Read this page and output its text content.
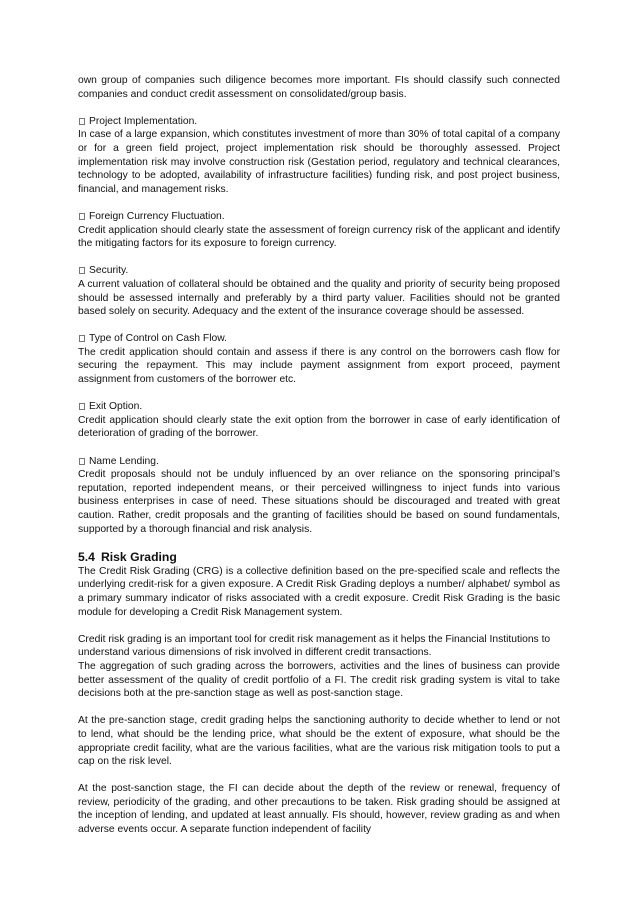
own group of companies such diligence becomes more important. FIs should classify such connected companies and conduct credit assessment on consolidated/group basis.

Project Implementation.

In case of a large expansion, which constitutes investment of more than 30% of total capital of a company or for a green field project, project implementation risk should be thoroughly assessed. Project implementation risk may involve construction risk (Gestation period, regulatory and technical clearances, technology to be adopted, availability of infrastructure facilities) funding risk, and post project business, financial, and management risks.

Foreign Currency Fluctuation.

Credit application should clearly state the assessment of foreign currency risk of the applicant and identify the mitigating factors for its exposure to foreign currency.

Security.

A current valuation of collateral should be obtained and the quality and priority of security being proposed should be assessed internally and preferably by a third party valuer. Facilities should not be granted based solely on security. Adequacy and the extent of the insurance coverage should be assessed.

Type of Control on Cash Flow.

The credit application should contain and assess if there is any control on the borrowers cash flow for securing the repayment. This may include payment assignment from export proceed, payment assignment from customers of the borrower etc.

Exit Option.

Credit application should clearly state the exit option from the borrower in case of early identification of deterioration of grading of the borrower.

Name Lending.

Credit proposals should not be unduly influenced by an over reliance on the sponsoring principal’s reputation, reported independent means, or their perceived willingness to inject funds into various business enterprises in case of need. These situations should be discouraged and treated with great caution. Rather, credit proposals and the granting of facilities should be based on sound fundamentals, supported by a thorough financial and risk analysis.

5.4 Risk Grading

The Credit Risk Grading (CRG) is a collective definition based on the pre-specified scale and reflects the underlying credit-risk for a given exposure. A Credit Risk Grading deploys a number/ alphabet/ symbol as a primary summary indicator of risks associated with a credit exposure. Credit Risk Grading is the basic module for developing a Credit Risk Management system.

Credit risk grading is an important tool for credit risk management as it helps the Financial Institutions to understand various dimensions of risk involved in different credit transactions.

The aggregation of such grading across the borrowers, activities and the lines of business can provide better assessment of the quality of credit portfolio of a FI. The credit risk grading system is vital to take decisions both at the pre-sanction stage as well as post-sanction stage.

At the pre-sanction stage, credit grading helps the sanctioning authority to decide whether to lend or not to lend, what should be the lending price, what should be the extent of exposure, what should be the appropriate credit facility, what are the various facilities, what are the various risk mitigation tools to put a cap on the risk level.

At the post-sanction stage, the FI can decide about the depth of the review or renewal, frequency of review, periodicity of the grading, and other precautions to be taken. Risk grading should be assigned at the inception of lending, and updated at least annually. FIs should, however, review grading as and when adverse events occur. A separate function independent of facility
